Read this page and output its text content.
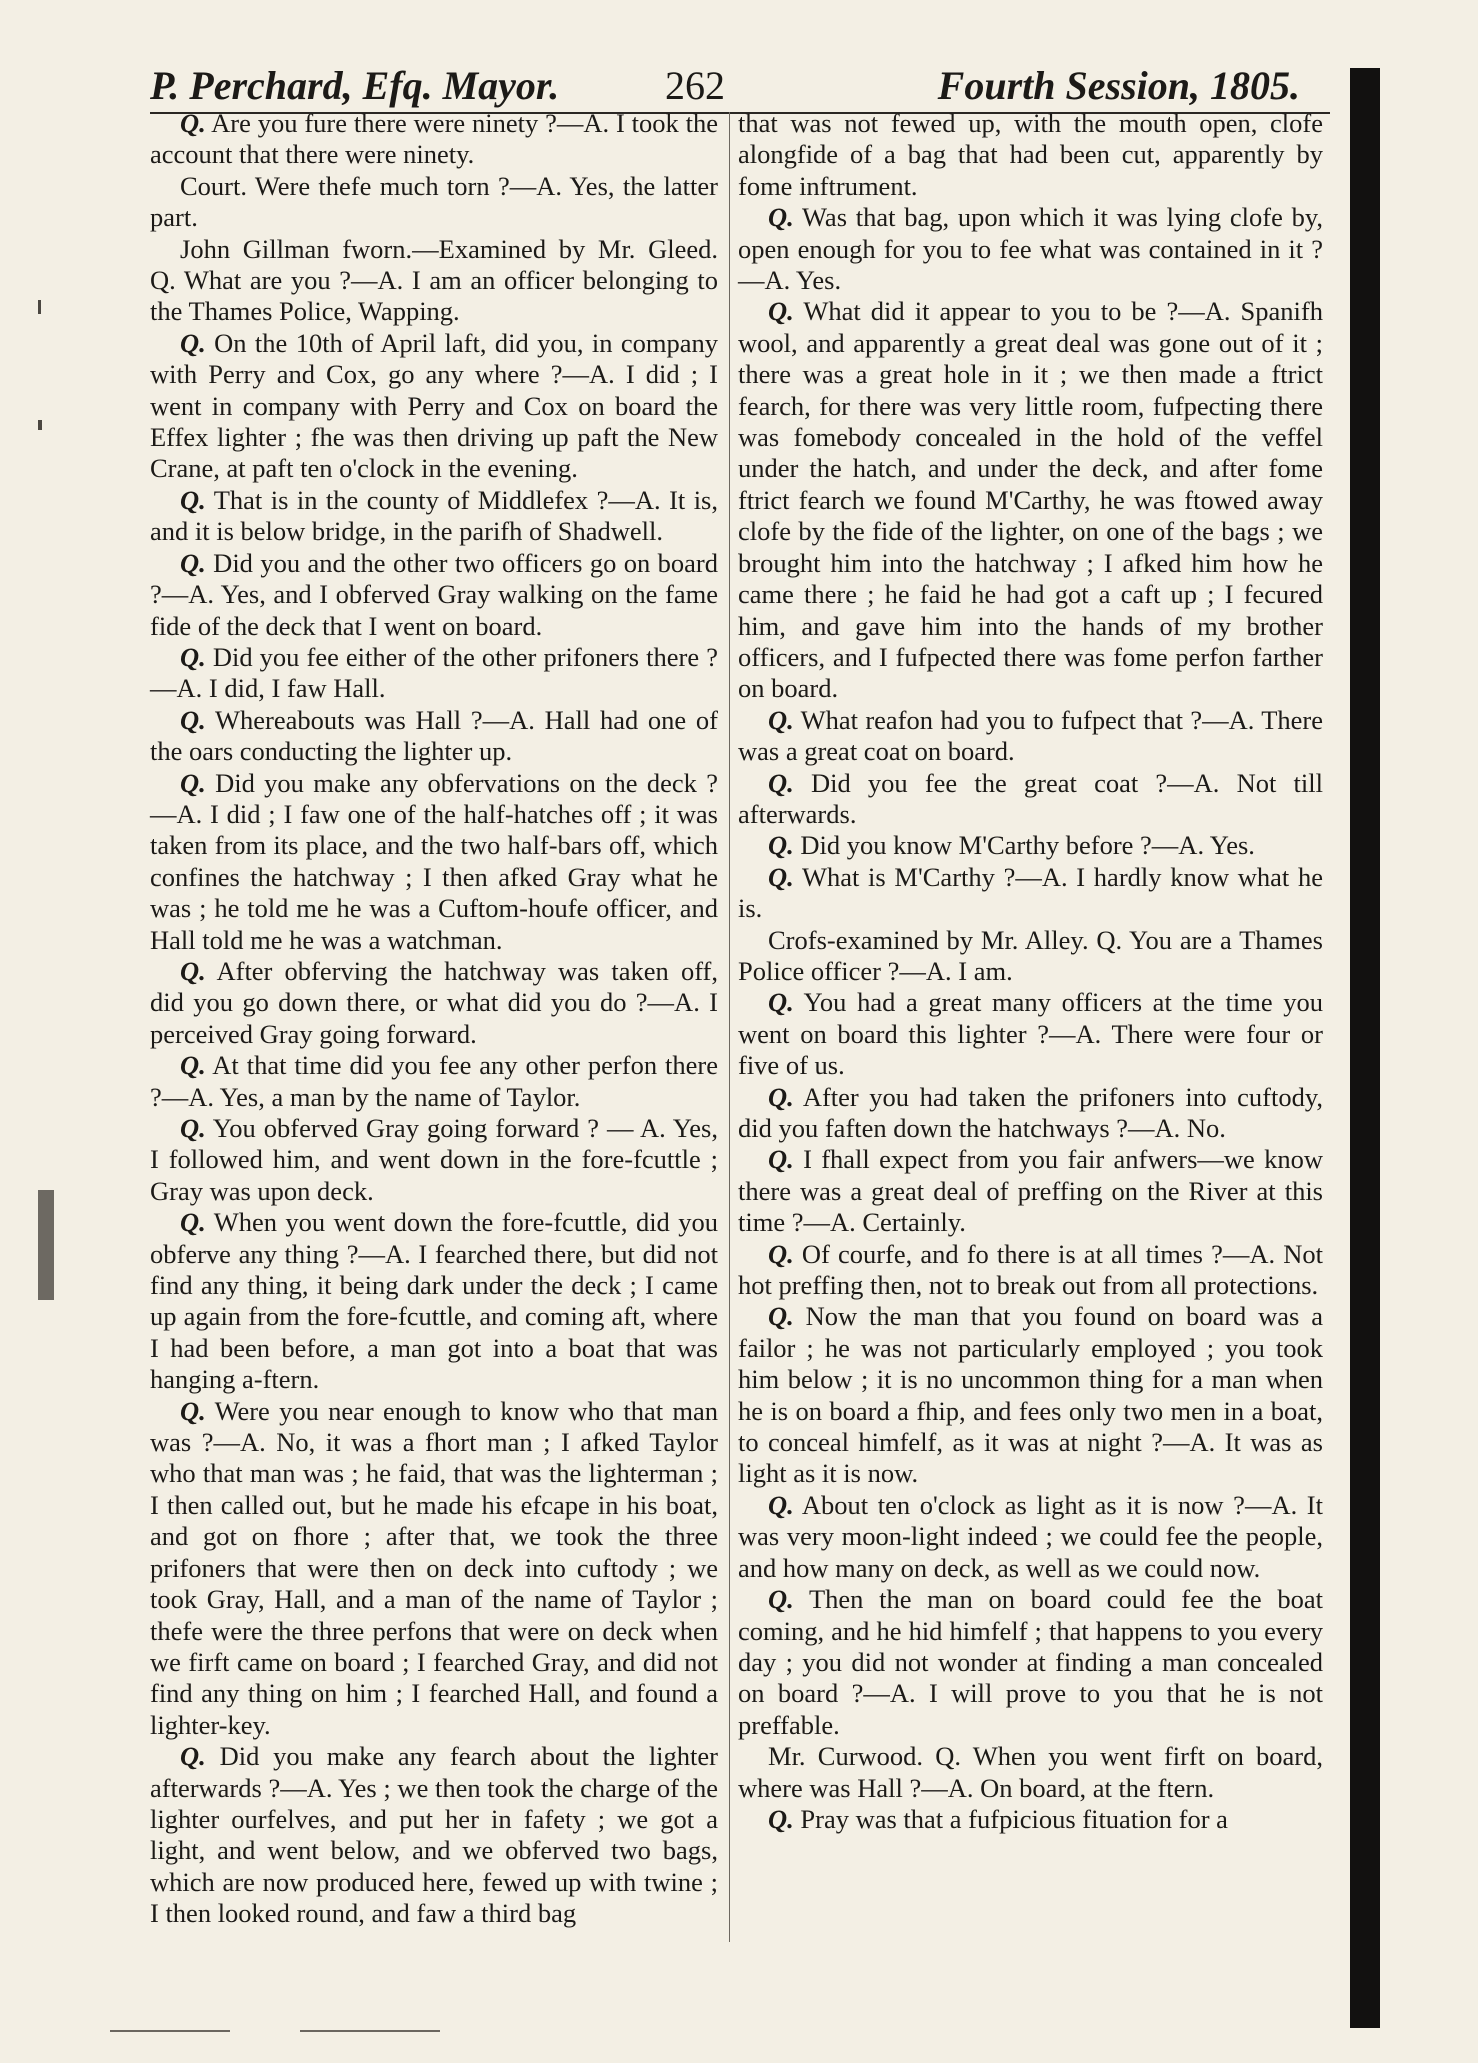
P. Perchard, Efq. Mayor.	262	Fourth Session, 1805.

Q. Are you fure there were ninety ?—A. I took the account that there were ninety.

Court. Were thefe much torn ?—A. Yes, the latter part.

John Gillman fworn.—Examined by Mr. Gleed. Q. What are you ?—A. I am an officer belonging to the Thames Police, Wapping.

Q. On the 10th of April laft, did you, in company with Perry and Cox, go any where ?—A. I did ; I went in company with Perry and Cox on board the Effex lighter ; fhe was then driving up paft the New Crane, at paft ten o'clock in the evening.

Q. That is in the county of Middlefex ?—A. It is, and it is below bridge, in the parifh of Shadwell.

Q. Did you and the other two officers go on board ?—A. Yes, and I obferved Gray walking on the fame fide of the deck that I went on board.

Q. Did you fee either of the other prifoners there ?—A. I did, I faw Hall.

Q. Whereabouts was Hall ?—A. Hall had one of the oars conducting the lighter up.

Q. Did you make any obfervations on the deck ? —A. I did ; I faw one of the half-hatches off ; it was taken from its place, and the two half-bars off, which confines the hatchway ; I then afked Gray what he was ; he told me he was a Cuftom-houfe officer, and Hall told me he was a watchman.

Q. After obferving the hatchway was taken off, did you go down there, or what did you do ?—A. I perceived Gray going forward.

Q. At that time did you fee any other perfon there ?—A. Yes, a man by the name of Taylor.

Q. You obferved Gray going forward ? — A. Yes, I followed him, and went down in the fore-fcuttle ; Gray was upon deck.

Q. When you went down the fore-fcuttle, did you obferve any thing ?—A. I fearched there, but did not find any thing, it being dark under the deck ; I came up again from the fore-fcuttle, and coming aft, where I had been before, a man got into a boat that was hanging a-ftern.

Q. Were you near enough to know who that man was ?—A. No, it was a fhort man ; I afked Taylor who that man was ; he faid, that was the lighterman ; I then called out, but he made his efcape in his boat, and got on fhore ; after that, we took the three prifoners that were then on deck into cuftody ; we took Gray, Hall, and a man of the name of Taylor ; thefe were the three perfons that were on deck when we firft came on board ; I fearched Gray, and did not find any thing on him ; I fearched Hall, and found a lighter-key.

Q. Did you make any fearch about the lighter afterwards ?—A. Yes ; we then took the charge of the lighter ourfelves, and put her in fafety ; we got a light, and went below, and we obferved two bags, which are now produced here, fewed up with twine ; I then looked round, and faw a third bag

that was not fewed up, with the mouth open, clofe alongfide of a bag that had been cut, apparently by fome inftrument.

Q. Was that bag, upon which it was lying clofe by, open enough for you to fee what was contained in it ?—A. Yes.

Q. What did it appear to you to be ?—A. Spanifh wool, and apparently a great deal was gone out of it ; there was a great hole in it ; we then made a ftrict fearch, for there was very little room, fufpecting there was fomebody concealed in the hold of the veffel under the hatch, and under the deck, and after fome ftrict fearch we found M'Carthy, he was ftowed away clofe by the fide of the lighter, on one of the bags ; we brought him into the hatchway ; I afked him how he came there ; he faid he had got a caft up ; I fecured him, and gave him into the hands of my brother officers, and I fufpected there was fome perfon farther on board.

Q. What reafon had you to fufpect that ?—A. There was a great coat on board.

Q. Did you fee the great coat ?—A. Not till afterwards.

Q. Did you know M'Carthy before ?—A. Yes.

Q. What is M'Carthy ?—A. I hardly know what he is.

Crofs-examined by Mr. Alley. Q. You are a Thames Police officer ?—A. I am.

Q. You had a great many officers at the time you went on board this lighter ?—A. There were four or five of us.

Q. After you had taken the prifoners into cuftody, did you faften down the hatchways ?—A. No.

Q. I fhall expect from you fair anfwers—we know there was a great deal of preffing on the River at this time ?—A. Certainly.

Q. Of courfe, and fo there is at all times ?—A. Not hot preffing then, not to break out from all protections.

Q. Now the man that you found on board was a failor ; he was not particularly employed ; you took him below ; it is no uncommon thing for a man when he is on board a fhip, and fees only two men in a boat, to conceal himfelf, as it was at night ?—A. It was as light as it is now.

Q. About ten o'clock as light as it is now ?—A. It was very moon-light indeed ; we could fee the people, and how many on deck, as well as we could now.

Q. Then the man on board could fee the boat coming, and he hid himfelf ; that happens to you every day ; you did not wonder at finding a man concealed on board ?—A. I will prove to you that he is not preffable.

Mr. Curwood. Q. When you went firft on board, where was Hall ?—A. On board, at the ftern.

Q. Pray was that a fufpicious fituation for a
